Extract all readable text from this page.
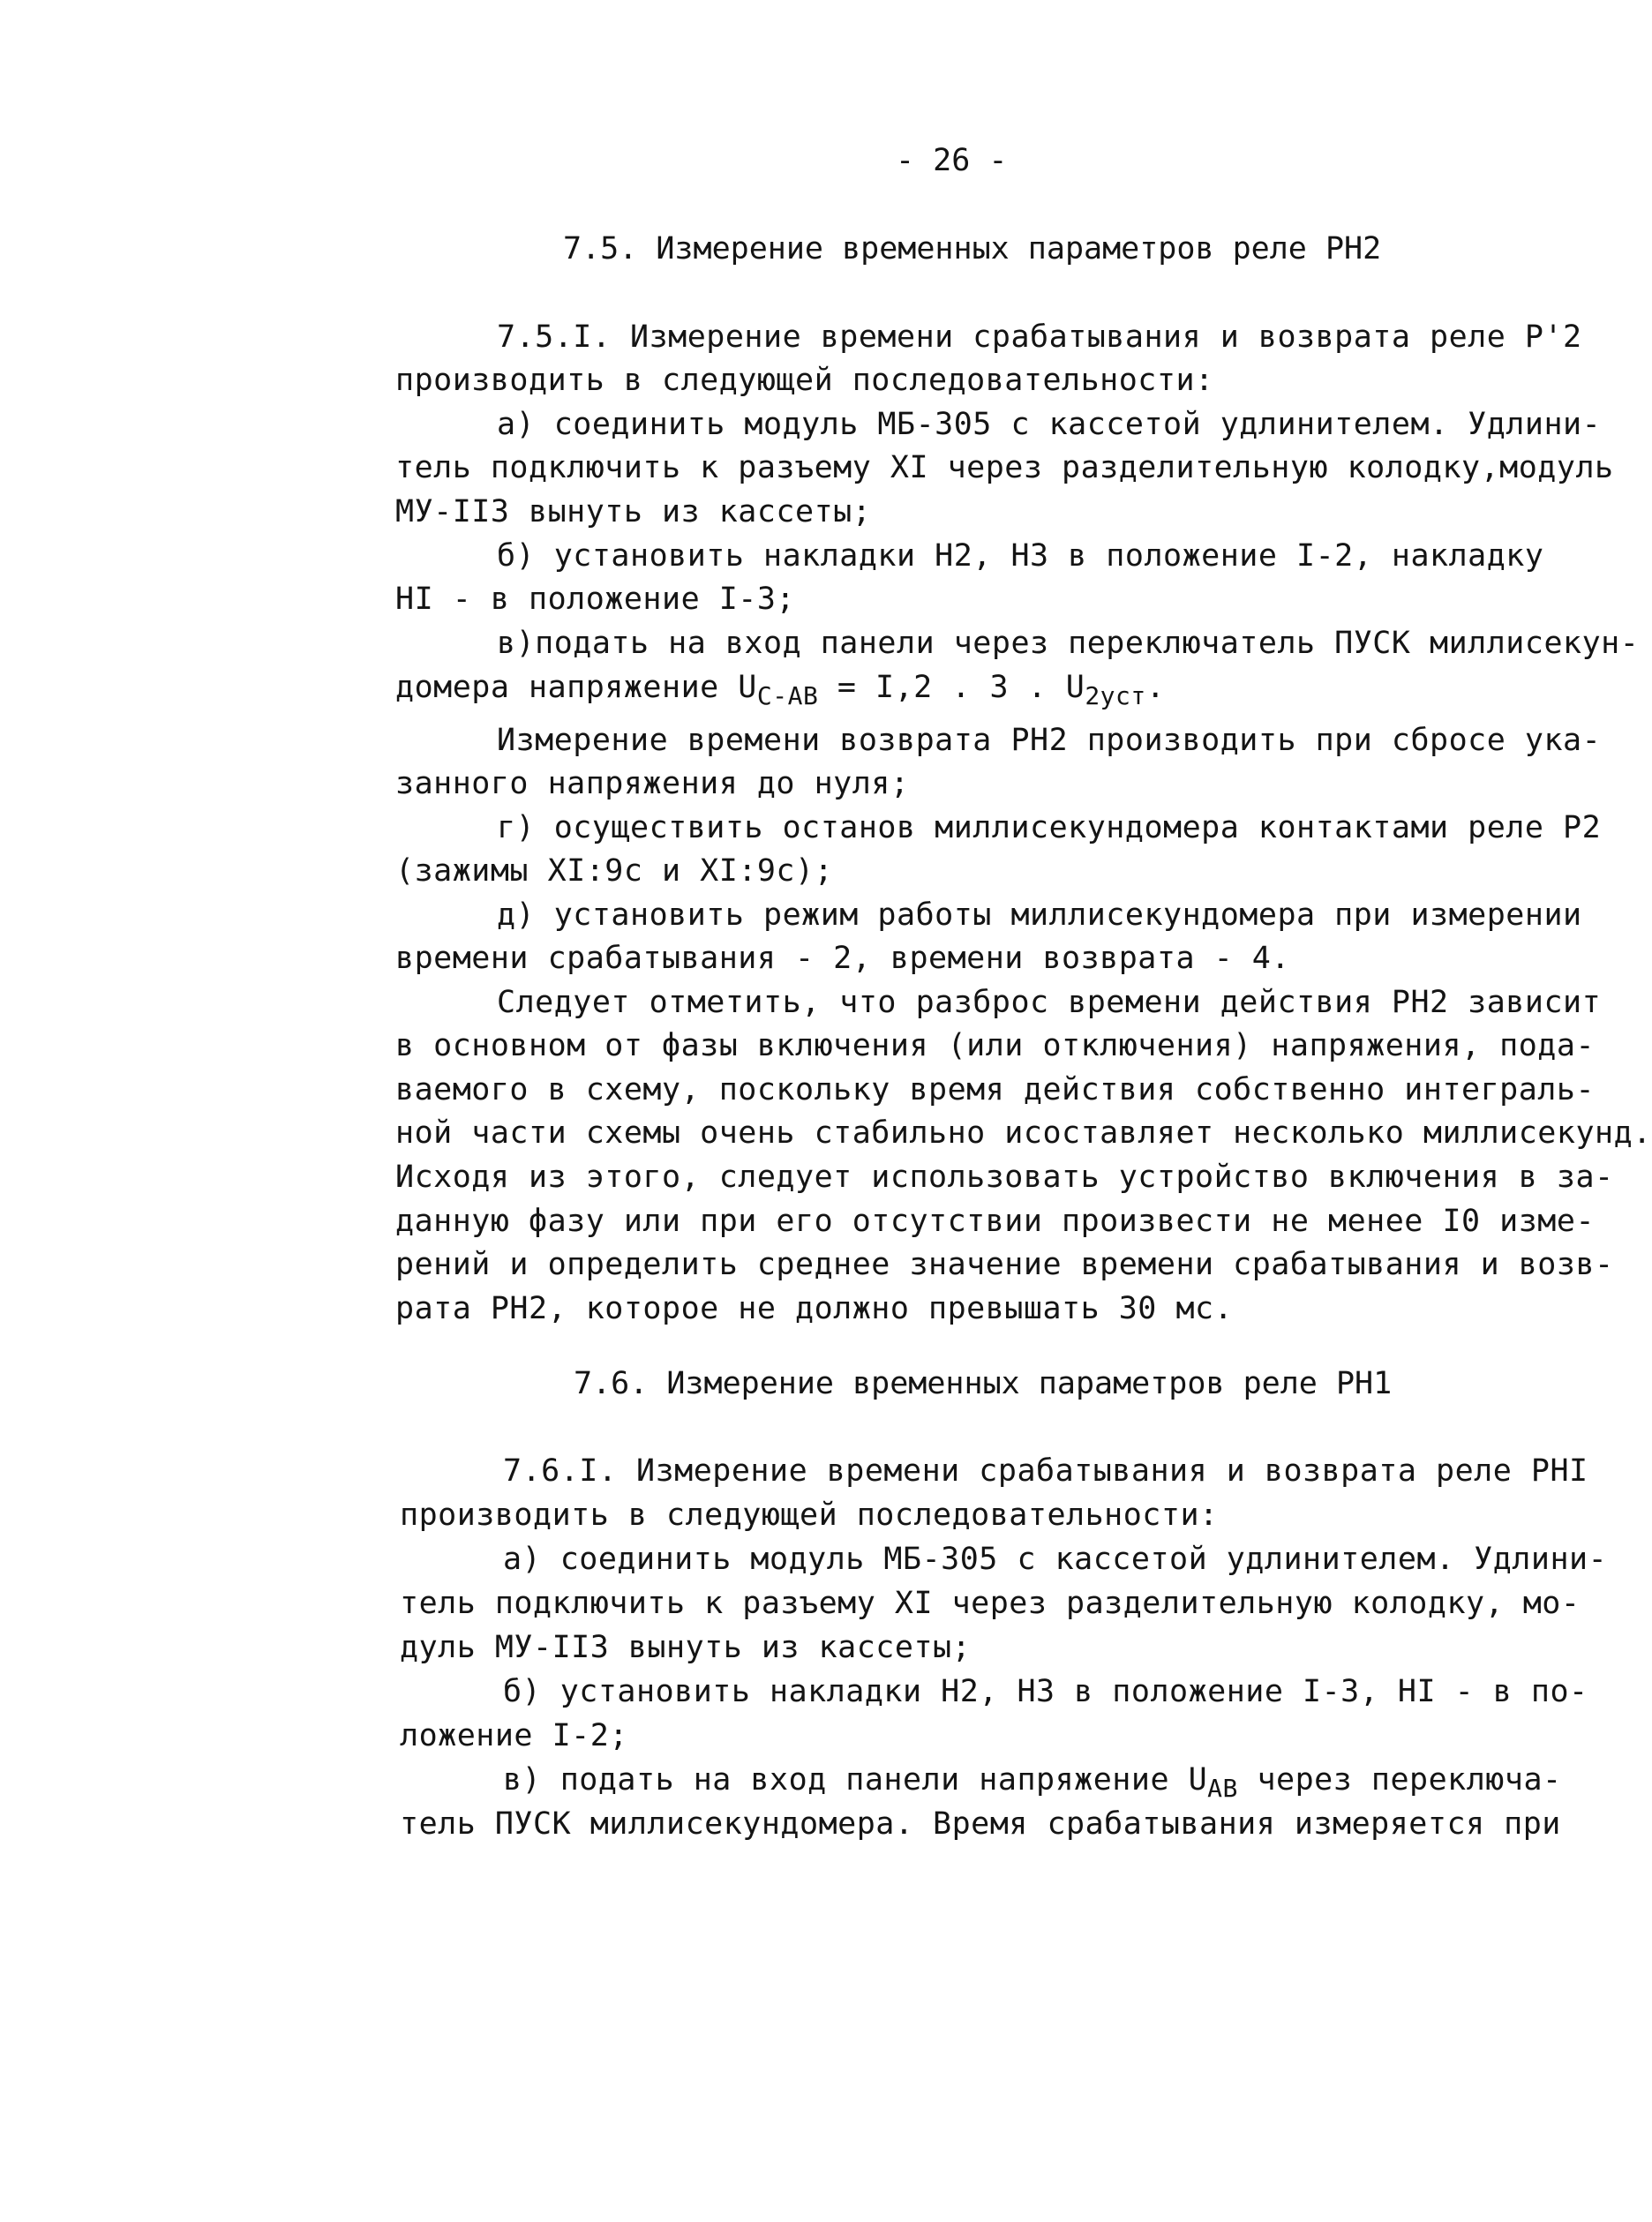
- 26 -
7.5. Измерение временных параметров реле РН2
7.5.I. Измерение времени срабатывания и возврата реле Р'2
производить в следующей последовательности:
а) соединить модуль МБ-305 с кассетой удлинителем. Удлини-
тель подключить к разъему XI через разделительную колодку,модуль
МУ-II3 вынуть из кассеты;
б) установить накладки Н2, Н3 в положение I-2, накладку
НI - в положение I-3;
в)подать на вход панели через переключатель ПУСК миллисекун-
домера напряжение $U_{С-АВ} = I,2$ . 3 . $U_{2уст}$.
Измерение времени возврата РН2 производить при сбросе ука-
занного напряжения до нуля;
г) осуществить останов миллисекундомера контактами реле Р2
(зажимы XI:9с и XI:9с);
д) установить режим работы миллисекундомера при измерении
времени срабатывания - 2, времени возврата - 4.
Следует отметить, что разброс времени действия РН2 зависит
в основном от фазы включения (или отключения) напряжения, пода-
ваемого в схему, поскольку время действия собственно интеграль-
ной части схемы очень стабильно исоставляет несколько миллисекунд.
Исходя из этого, следует использовать устройство включения в за-
данную фазу или при его отсутствии произвести не менее I0 изме-
рений и определить среднее значение времени срабатывания и возв-
рата РН2, которое не должно превышать 30 мс.
7.6. Измерение временных параметров реле РН1
7.6.I. Измерение времени срабатывания и возврата реле РНI
производить в следующей последовательности:
а) соединить модуль МБ-305 с кассетой удлинителем. Удлини-
тель подключить к разъему XI через разделительную колодку, мо-
дуль МУ-II3 вынуть из кассеты;
б) установить накладки Н2, Н3 в положение I-3, НI - в по-
ложение I-2;
в) подать на вход панели напряжение $U_{АВ}$ через переключа-
тель ПУСК миллисекундомера. Время срабатывания измеряется при
